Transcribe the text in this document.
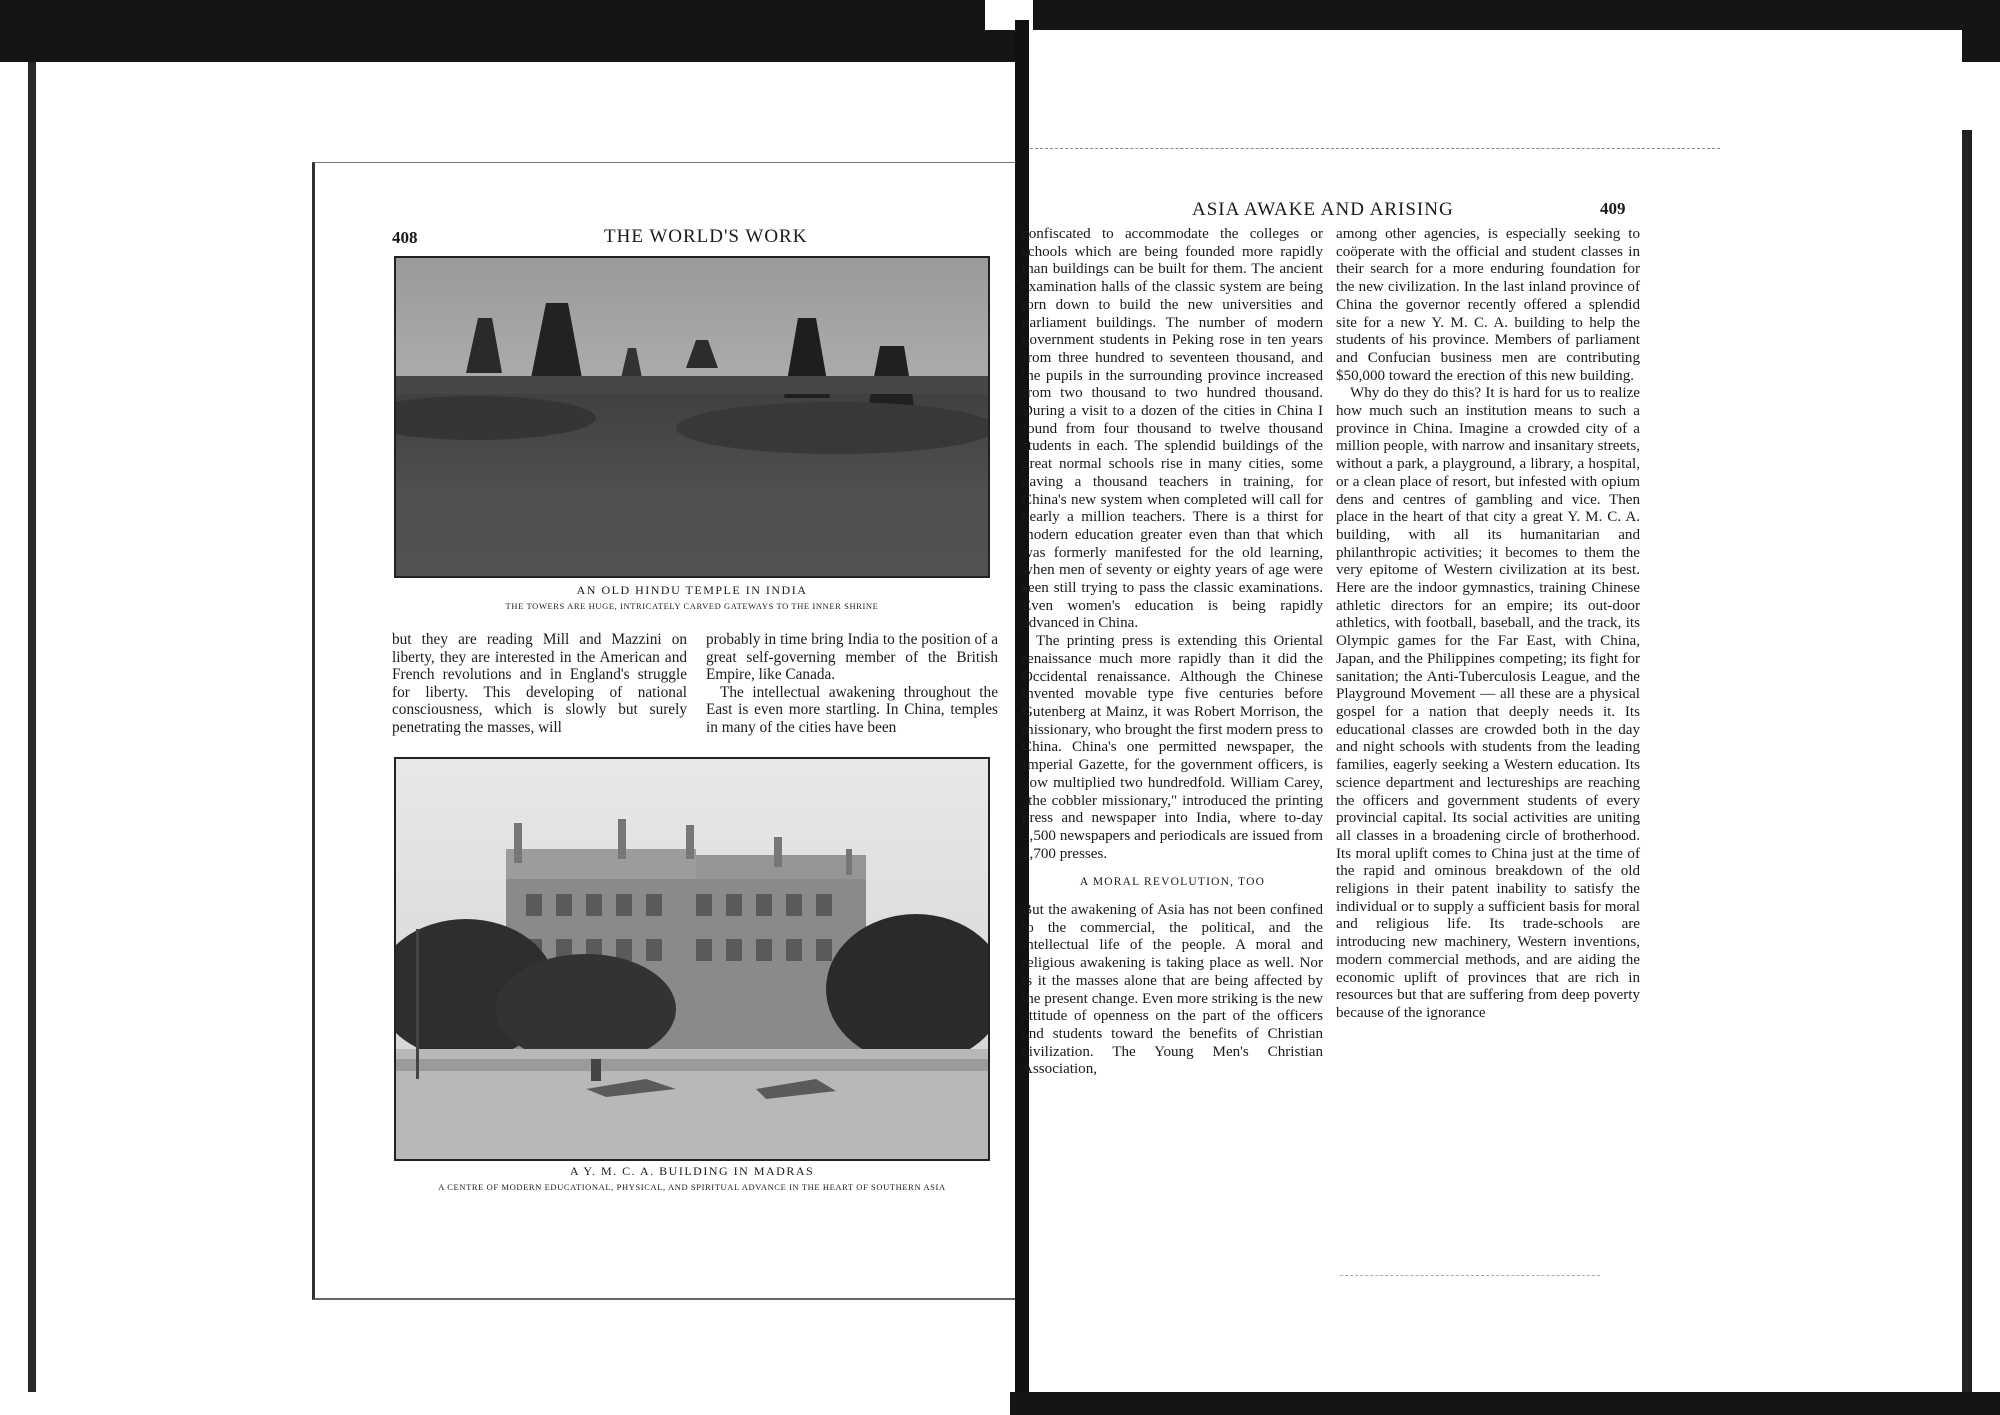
408	THE WORLD'S WORK
AN OLD HINDU TEMPLE IN INDIA
THE TOWERS ARE HUGE, INTRICATELY CARVED GATEWAYS TO THE INNER SHRINE

but they are reading Mill and Mazzini on liberty, they are interested in the American and French revolutions and in England's struggle for liberty. This developing of national consciousness, which is slowly but surely penetrating the masses, will

probably in time bring India to the position of a great self-governing member of the British Empire, like Canada.

The intellectual awakening throughout the East is even more startling. In China, temples in many of the cities have been

A Y. M. C. A. BUILDING IN MADRAS
A CENTRE OF MODERN EDUCATIONAL, PHYSICAL, AND SPIRITUAL ADVANCE IN THE HEART OF SOUTHERN ASIA
ASIA AWAKE AND ARISING	409

confiscated to accommodate the colleges or schools which are being founded more rapidly than buildings can be built for them. The ancient examination halls of the classic system are being torn down to build the new universities and parliament buildings. The number of modern government students in Peking rose in ten years from three hundred to seventeen thousand, and the pupils in the surrounding province increased from two thousand to two hundred thousand. During a visit to a dozen of the cities in China I found from four thousand to twelve thousand students in each. The splendid buildings of the great normal schools rise in many cities, some having a thousand teachers in training, for China's new system when completed will call for nearly a million teachers. There is a thirst for modern education greater even than that which was formerly manifested for the old learning, when men of seventy or eighty years of age were seen still trying to pass the classic examinations. Even women's education is being rapidly advanced in China.

The printing press is extending this Oriental renaissance much more rapidly than it did the Occidental renaissance. Although the Chinese invented movable type five centuries before Gutenberg at Mainz, it was Robert Morrison, the missionary, who brought the first modern press to China. China's one permitted newspaper, the Imperial Gazette, for the government officers, is now multiplied two hundredfold. William Carey, "the cobbler missionary," introduced the printing press and newspaper into India, where to-day 3,500 newspapers and periodicals are issued from 2,700 presses.

A MORAL REVOLUTION, TOO

But the awakening of Asia has not been confined to the commercial, the political, and the intellectual life of the people. A moral and religious awakening is taking place as well. Nor is it the masses alone that are being affected by the present change. Even more striking is the new attitude of openness on the part of the officers and students toward the benefits of Christian civilization. The Young Men's Christian Association,

among other agencies, is especially seeking to coöperate with the official and student classes in their search for a more enduring foundation for the new civilization. In the last inland province of China the governor recently offered a splendid site for a new Y. M. C. A. building to help the students of his province. Members of parliament and Confucian business men are contributing $50,000 toward the erection of this new building.

Why do they do this? It is hard for us to realize how much such an institution means to such a province in China. Imagine a crowded city of a million people, with narrow and insanitary streets, without a park, a playground, a library, a hospital, or a clean place of resort, but infested with opium dens and centres of gambling and vice. Then place in the heart of that city a great Y. M. C. A. building, with all its humanitarian and philanthropic activities; it becomes to them the very epitome of Western civilization at its best. Here are the indoor gymnastics, training Chinese athletic directors for an empire; its out-door athletics, with football, baseball, and the track, its Olympic games for the Far East, with China, Japan, and the Philippines competing; its fight for sanitation; the Anti-Tuberculosis League, and the Playground Movement — all these are a physical gospel for a nation that deeply needs it. Its educational classes are crowded both in the day and night schools with students from the leading families, eagerly seeking a Western education. Its science department and lectureships are reaching the officers and government students of every provincial capital. Its social activities are uniting all classes in a broadening circle of brotherhood. Its moral uplift comes to China just at the time of the rapid and ominous breakdown of the old religions in their patent inability to satisfy the individual or to supply a sufficient basis for moral and religious life. Its trade-schools are introducing new machinery, Western inventions, modern commercial methods, and are aiding the economic uplift of provinces that are rich in resources but that are suffering from deep poverty because of the ignorance
